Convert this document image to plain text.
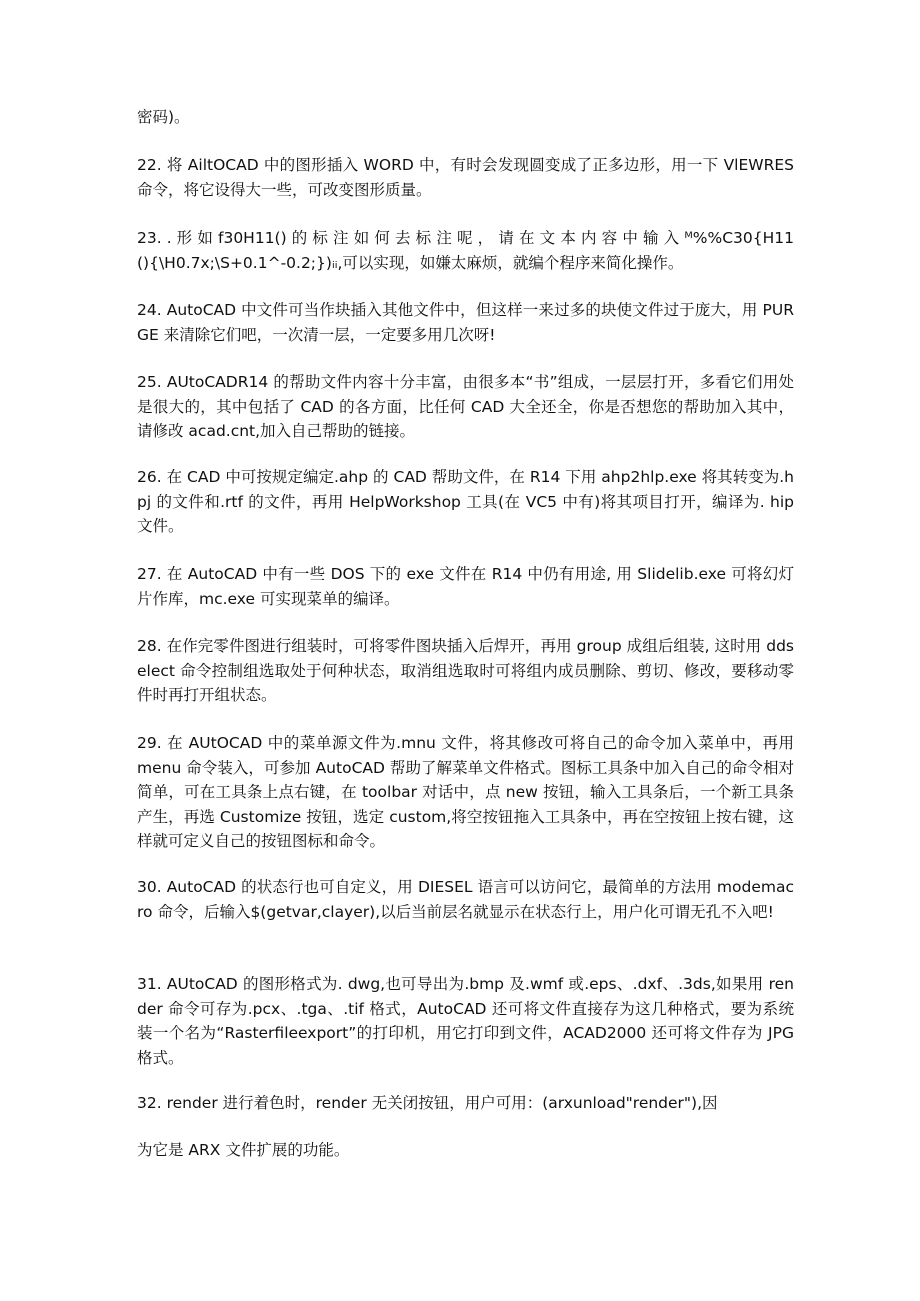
密码)。

22. 将 AiltOCAD 中的图形插入 WORD 中，有时会发现圆变成了正多边形，用一下 VlEWRES 命令，将它设得大一些，可改变图形质量。

23. . 形 如 f30H11() 的 标 注 如 何 去 标 注 呢 ， 请 在 文 本 内 容 中 输 入 ᴹ%%C30{H11(){\H0.7x;\S+0.1^-0.2;})ᵢᵢ,可以实现，如嫌太麻烦，就编个程序来简化操作。

24. AutoCAD 中文件可当作块插入其他文件中，但这样一来过多的块使文件过于庞大，用 PURGE 来清除它们吧，一次清一层，一定要多用几次呀!

25. AUtoCADR14 的帮助文件内容十分丰富，由很多本“书”组成，一层层打开，多看它们用处是很大的，其中包括了 CAD 的各方面，比任何 CAD 大全还全，你是否想您的帮助加入其中，请修改 acad.cnt,加入自己帮助的链接。

26. 在 CAD 中可按规定编定.ahp 的 CAD 帮助文件，在 R14 下用 ahp2hlp.exe 将其转变为.hpj 的文件和.rtf 的文件，再用 HelpWorkshop 工具(在 VC5 中有)将其项目打开，编译为. hip 文件。

27. 在 AutoCAD 中有一些 DOS 下的 exe 文件在 R14 中仍有用途, 用 Slidelib.exe 可将幻灯片作库，mc.exe 可实现菜单的编译。

28. 在作完零件图进行组装时，可将零件图块插入后焊开，再用 group 成组后组装, 这时用 ddselect 命令控制组选取处于何种状态，取消组选取时可将组内成员删除、剪切、修改，要移动零件时再打开组状态。

29. 在 AUtOCAD 中的菜单源文件为.mnu 文件，将其修改可将自己的命令加入菜单中，再用 menu 命令装入，可参加 AutoCAD 帮助了解菜单文件格式。图标工具条中加入自己的命令相对简单，可在工具条上点右键，在 toolbar 对话中，点 new 按钮，输入工具条后，一个新工具条产生，再选 Customize 按钮，选定 custom,将空按钮拖入工具条中，再在空按钮上按右键，这样就可定义自己的按钮图标和命令。

30. AutoCAD 的状态行也可自定义，用 DIESEL 语言可以访问它，最简单的方法用 modemacro 命令，后输入$(getvar,clayer),以后当前层名就显示在状态行上，用户化可谓无孔不入吧!

31. AUtoCAD 的图形格式为. dwg,也可导出为.bmp 及.wmf 或.eps、.dxf、.3ds,如果用 render 命令可存为.pcx、.tga、.tif 格式，AutoCAD 还可将文件直接存为这几种格式，要为系统装一个名为“Rasterfileexport”的打印机，用它打印到文件，ACAD2000 还可将文件存为 JPG 格式。

32. render 进行着色时，render 无关闭按钮，用户可用：(arxunload"render"),因

为它是 ARX 文件扩展的功能。
